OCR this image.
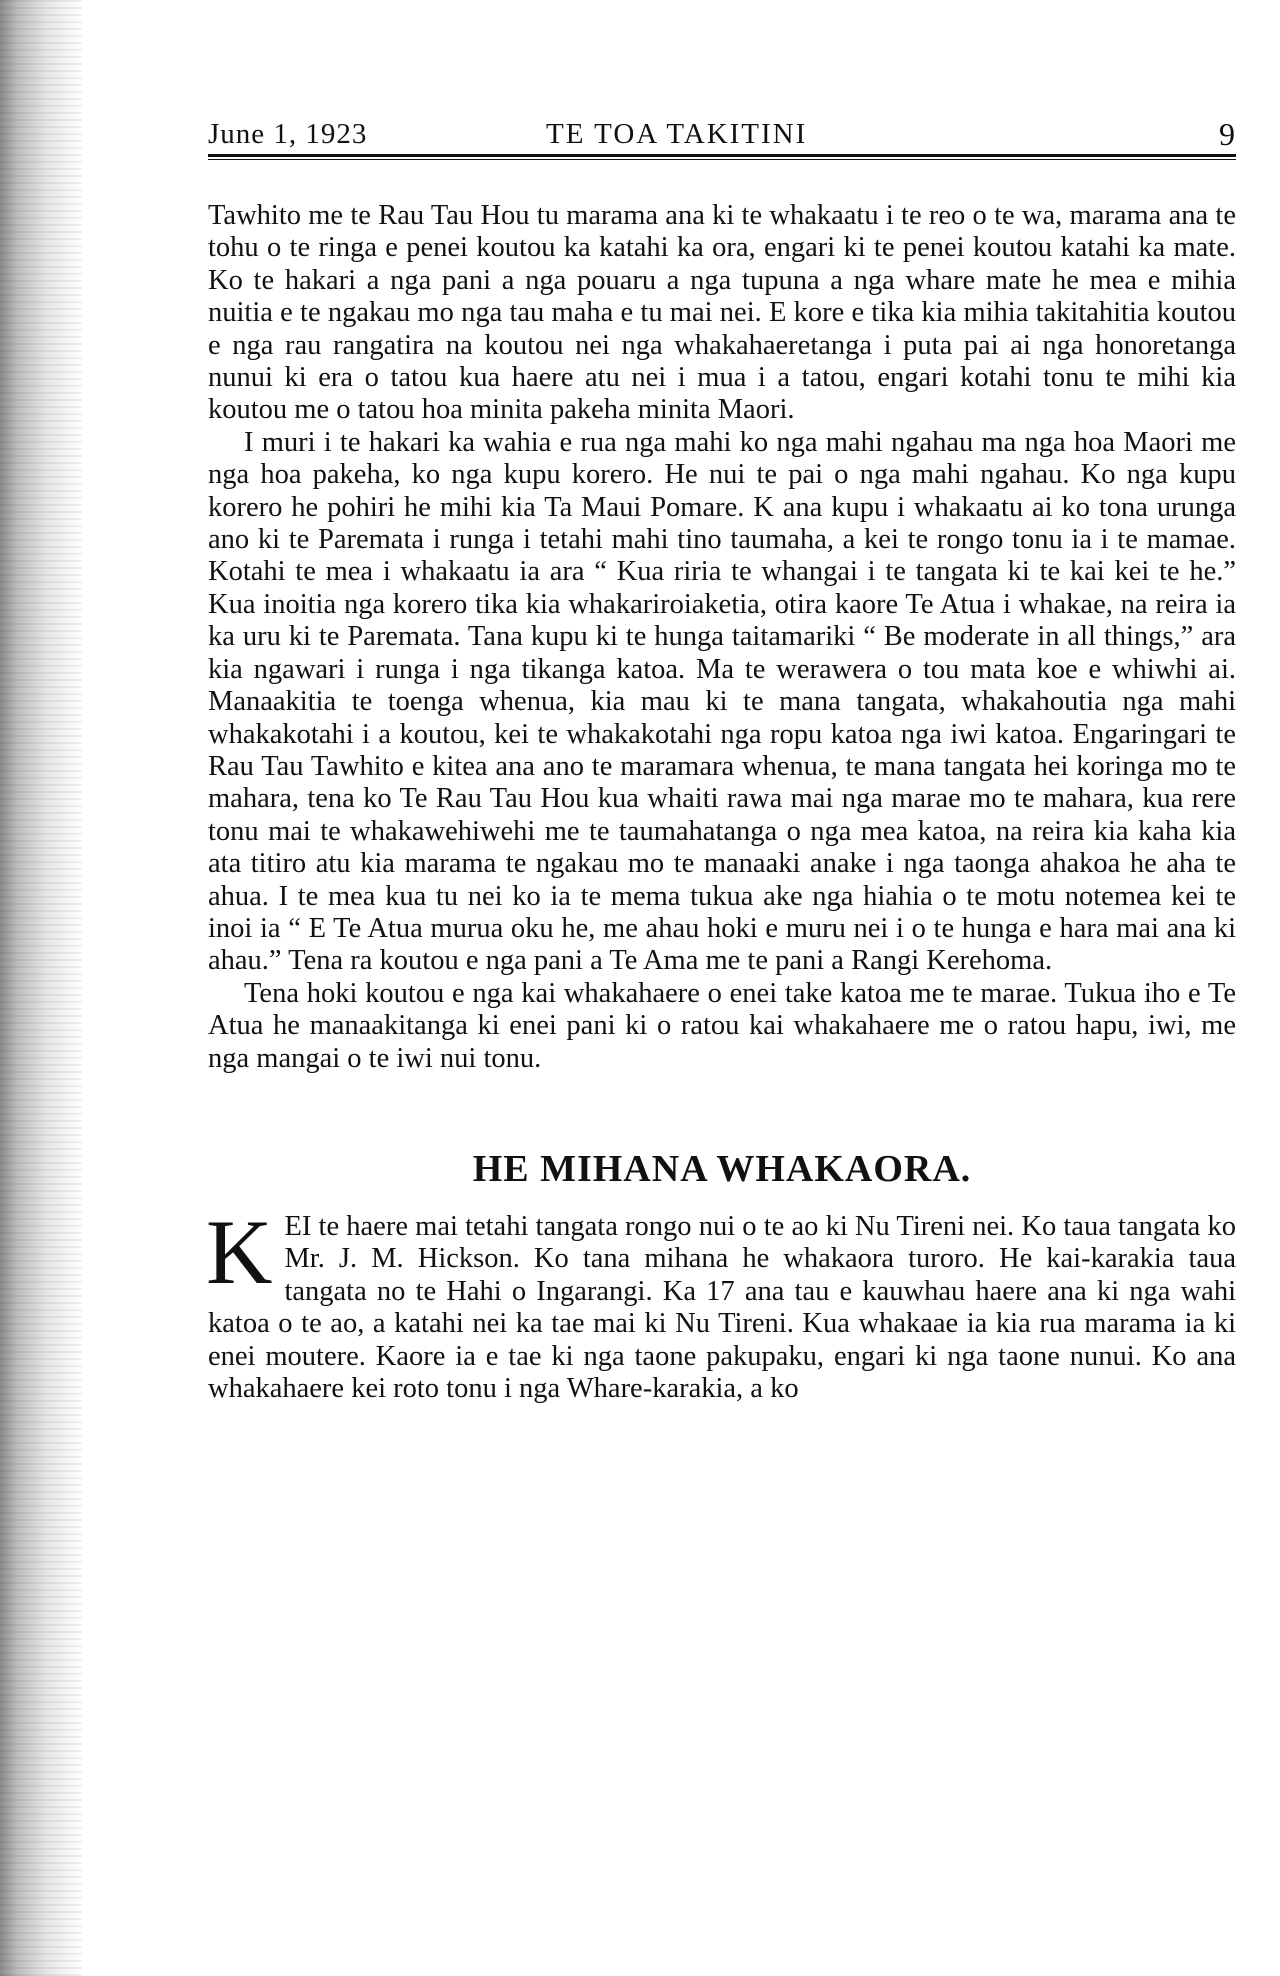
June 1, 1923	TE TOA TAKITINI	9

Tawhito me te Rau Tau Hou tu marama ana ki te whakaatu i te reo o te wa, marama ana te tohu o te ringa e penei koutou ka katahi ka ora, engari ki te penei koutou katahi ka mate. Ko te hakari a nga pani a nga pouaru a nga tupuna a nga whare mate he mea e mihia nuitia e te ngakau mo nga tau maha e tu mai nei. E kore e tika kia mihia takitahitia koutou e nga rau rangatira na koutou nei nga whakahaeretanga i puta pai ai nga honoretanga nunui ki era o tatou kua haere atu nei i mua i a tatou, engari kotahi tonu te mihi kia koutou me o tatou hoa minita pakeha minita Maori.

I muri i te hakari ka wahia e rua nga mahi ko nga mahi ngahau ma nga hoa Maori me nga hoa pakeha, ko nga kupu korero. He nui te pai o nga mahi ngahau. Ko nga kupu korero he pohiri he mihi kia Ta Maui Pomare. K ana kupu i whakaatu ai ko tona urunga ano ki te Paremata i runga i tetahi mahi tino taumaha, a kei te rongo tonu ia i te mamae. Kotahi te mea i whakaatu ia ara “ Kua riria te whangai i te tangata ki te kai kei te he.” Kua inoitia nga korero tika kia whakariroiaketia, otira kaore Te Atua i whakae, na reira ia ka uru ki te Paremata. Tana kupu ki te hunga taitamariki “ Be moderate in all things,” ara kia ngawari i runga i nga tikanga katoa. Ma te werawera o tou mata koe e whiwhi ai. Manaakitia te toenga whenua, kia mau ki te mana tangata, whakahoutia nga mahi whakakotahi i a koutou, kei te whakakotahi nga ropu katoa nga iwi katoa. Engaringari te Rau Tau Tawhito e kitea ana ano te maramara whenua, te mana tangata hei koringa mo te mahara, tena ko Te Rau Tau Hou kua whaiti rawa mai nga marae mo te mahara, kua rere tonu mai te whakawehiwehi me te taumahatanga o nga mea katoa, na reira kia kaha kia ata titiro atu kia marama te ngakau mo te manaaki anake i nga taonga ahakoa he aha te ahua. I te mea kua tu nei ko ia te mema tukua ake nga hiahia o te motu notemea kei te inoi ia “ E Te Atua murua oku he, me ahau hoki e muru nei i o te hunga e hara mai ana ki ahau.” Tena ra koutou e nga pani a Te Ama me te pani a Rangi Kerehoma.

Tena hoki koutou e nga kai whakahaere o enei take katoa me te marae. Tukua iho e Te Atua he manaakitanga ki enei pani ki o ratou kai whakahaere me o ratou hapu, iwi, me nga mangai o te iwi nui tonu.

HE MIHANA WHAKAORA.

KEI te haere mai tetahi tangata rongo nui o te ao ki Nu Tireni nei. Ko taua tangata ko Mr. J. M. Hickson. Ko tana mihana he whakaora turoro. He kai-karakia taua tangata no te Hahi o Ingarangi. Ka 17 ana tau e kauwhau haere ana ki nga wahi katoa o te ao, a katahi nei ka tae mai ki Nu Tireni. Kua whakaae ia kia rua marama ia ki enei moutere. Kaore ia e tae ki nga taone pakupaku, engari ki nga taone nunui. Ko ana whakahaere kei roto tonu i nga Whare-karakia, a ko
